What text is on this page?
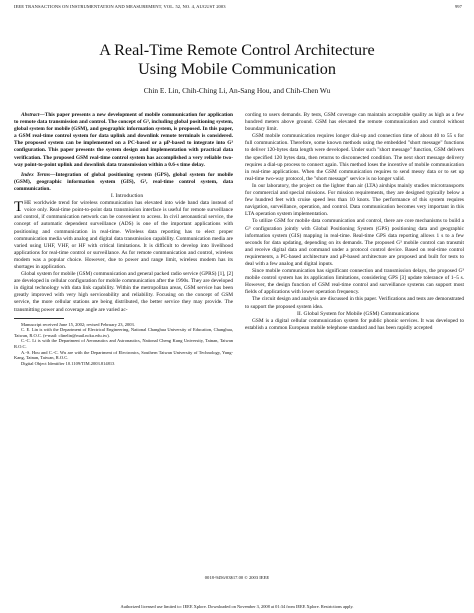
IEEE TRANSACTIONS ON INSTRUMENTATION AND MEASUREMENT, VOL. 52, NO. 4, AUGUST 2003	997
A Real-Time Remote Control Architecture
Using Mobile Communication
Chin E. Lin, Chih-Ching Li, An-Sang Hou, and Chih-Chen Wu

Abstract—This paper presents a new development of mobile communication for application to remote data transmission and control. The concept of G³, including global positioning system, global system for mobile (GSM), and geographic information system, is proposed. In this paper, a GSM real-time control system for data uplink and downlink remote terminals is considered. The proposed system can be implemented on a PC-based or a μP-based to integrate into G³ configuration. This paper presents the system design and implementation with practical data verification. The proposed GSM real-time control system has accomplished a very reliable two-way point-to-point uplink and downlink data transmission within a 0.6-s time delay.

Index Terms—Integration of global positioning system (GPS), global system for mobile (GSM), geographic information system (GIS), G³, real-time control system, data communication.

I. Introduction

THE worldwide trend for wireless communication has elevated into wide band data instead of voice only. Real-time point-to-point data transmission interface is useful for remote surveillance and control, if communication network can be convenient to access. In civil aeronautical service, the concept of automatic dependent surveillance (ADS) is one of the important applications with positioning and communication in real-time. Wireless data reporting has to elect proper communication media with analog and digital data transmission capability. Communication media are varied using UHF, VHF, or HF with critical limitations. It is difficult to develop into livelihood applications for real-time control or surveillance. As for remote communication and control, wireless modem was a popular choice. However, due to power and range limit, wireless modem has its shortages in application.

Global system for mobile (GSM) communication and general packed radio service (GPRS) [1], [2] are developed in cellular configuration for mobile communication after the 1990s. They are developed in digital technology with data link capability. Within the metropolitan areas, GSM service has been greatly improved with very high serviceability and reliability. Focusing on the concept of GSM service, the more cellular stations are being distributed, the better service they may provide. The transmitting power and coverage angle are varied ac-

Manuscript received June 15, 2002; revised February 23, 2003.
C. E. Lin is with the Department of Electrical Engineering, National Changhua University of Education, Changhua, Taiwan, R.O.C. (e-mail: clinelin@mail.ncku.edu.tw).
C.-C. Li is with the Department of Aeronautics and Astronautics, National Cheng Kung University, Tainan, Taiwan R.O.C.
A.-S. Hou and C.-C. Wu are with the Department of Electronics, Southern Taiwan University of Technology, Yung-Kang, Tainan, Taiwan, R.O.C.
Digital Object Identifier 10.1109/TIM.2003.814813

cording to users demands. By tests, GSM coverage can maintain acceptable quality as high as a few hundred meters above ground. GSM has elevated the remote communication and control without boundary limit.

GSM mobile communication requires longer dial-up and connection time of about 40 to 55 s for full communication. Therefore, some known methods using the embedded "short message" functions to deliver 120-bytes data length were developed. Under such "short message" function, GSM delivers the specified 120 bytes data, then returns to disconnected condition. The next short message delivery requires a dial-up process to connect again. This method loses the incentive of mobile communication in real-time applications. When the GSM communication requires to send messy data or to set up real-time two-way protocol, the "short message" service is no longer valid.

In our laboratory, the project on the lighter than air (LTA) airships mainly studies microtransports for commercial and special missions. For mission requirements, they are designed typically below a few hundred feet with cruise speed less than 10 knots. The performance of this system requires navigation, surveillance, operation, and control. Data communication becomes very important in this LTA operation system implementation.

To utilize GSM for mobile data communication and control, there are core mechanisms to build a G³ configuration jointly with Global Positioning System (GPS) positioning data and geographic information system (GIS) mapping in real-time. Real-time GPS data reporting allows 1 s to a few seconds for data updating, depending on its demands. The proposed G³ mobile control can transmit and receive digital data and command under a protocol control device. Based on real-time control requirements, a PC-based architecture and μP-based architecture are proposed and built for tests to deal with a few analog and digital inputs.

Since mobile communication has significant connection and transmission delays, the proposed G³ mobile control system has its application limitations, considering GPS [3] update tolerance of 1–5 s. However, the design function of GSM real-time control and surveillance systems can support most fields of applications with lower operation frequency.

The circuit design and analysis are discussed in this paper. Verifications and tests are demonstrated to support the proposed system idea.

II. Global System for Mobile (GSM) Communications

GSM is a digital cellular communication system for public phonic services. It was developed to establish a common European mobile telephone standard and has been rapidly accepted

0018-9456/03$17.00 © 2003 IEEE
Authorized licensed use limited to: IEEE Xplore. Downloaded on November 3, 2008 at 01:34 from IEEE Xplore. Restrictions apply.
